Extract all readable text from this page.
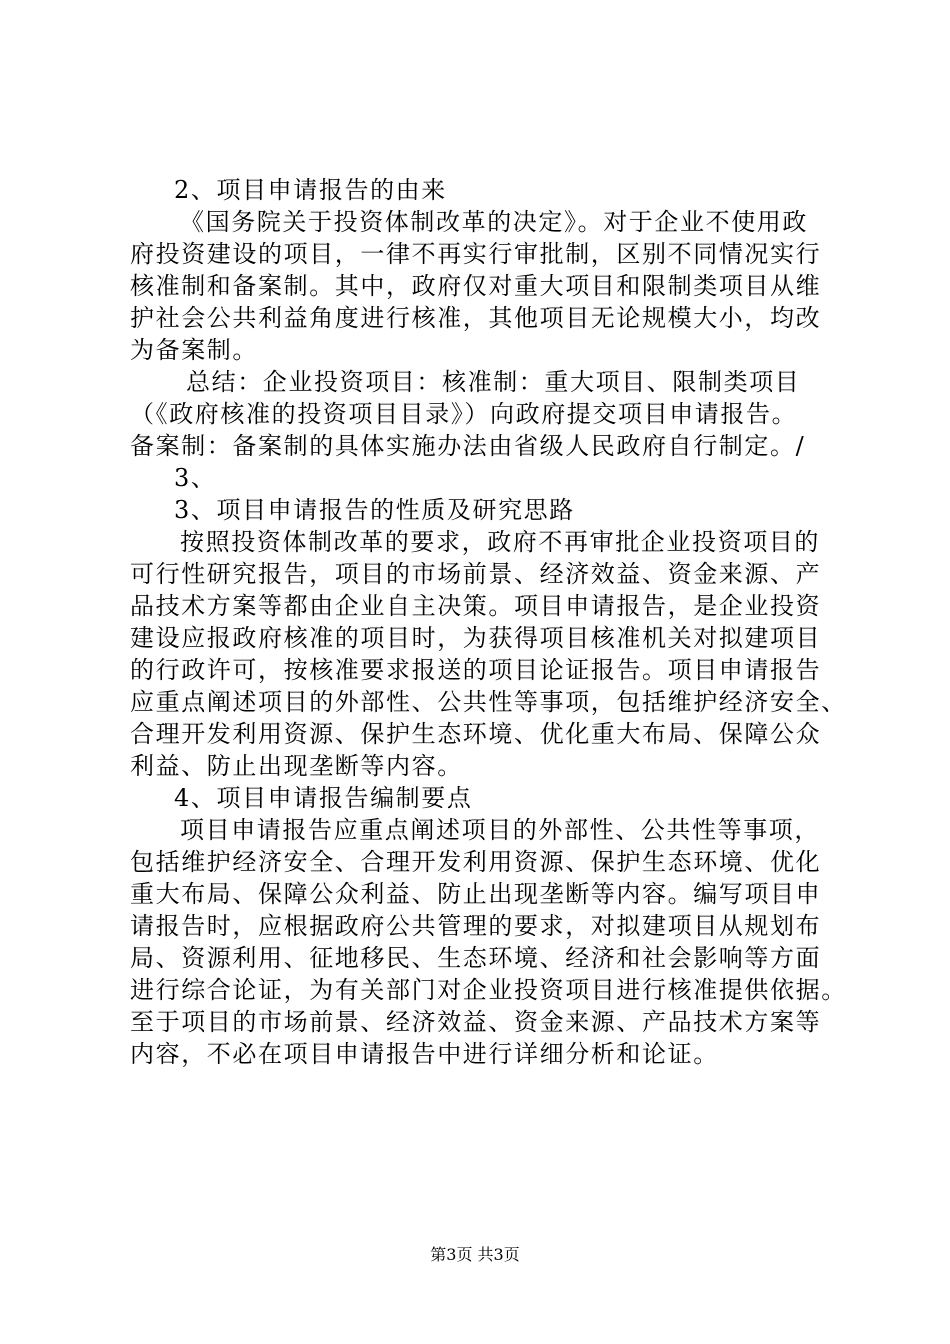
2、项目申请报告的由来
《国务院关于投资体制改革的决定》。对于企业不使用政
府投资建设的项目，一律不再实行审批制，区别不同情况实行
核准制和备案制。其中，政府仅对重大项目和限制类项目从维
护社会公共利益角度进行核准，其他项目无论规模大小，均改
为备案制。
总结：企业投资项目：核准制：重大项目、限制类项目
（《政府核准的投资项目目录》）向政府提交项目申请报告。
备案制：备案制的具体实施办法由省级人民政府自行制定。/
3、
3、项目申请报告的性质及研究思路
按照投资体制改革的要求，政府不再审批企业投资项目的
可行性研究报告，项目的市场前景、经济效益、资金来源、产
品技术方案等都由企业自主决策。项目申请报告，是企业投资
建设应报政府核准的项目时，为获得项目核准机关对拟建项目
的行政许可，按核准要求报送的项目论证报告。项目申请报告
应重点阐述项目的外部性、公共性等事项，包括维护经济安全、
合理开发利用资源、保护生态环境、优化重大布局、保障公众
利益、防止出现垄断等内容。
4、项目申请报告编制要点
项目申请报告应重点阐述项目的外部性、公共性等事项，
包括维护经济安全、合理开发利用资源、保护生态环境、优化
重大布局、保障公众利益、防止出现垄断等内容。编写项目申
请报告时，应根据政府公共管理的要求，对拟建项目从规划布
局、资源利用、征地移民、生态环境、经济和社会影响等方面
进行综合论证，为有关部门对企业投资项目进行核准提供依据。
至于项目的市场前景、经济效益、资金来源、产品技术方案等
内容，不必在项目申请报告中进行详细分析和论证。
第3页 共3页
